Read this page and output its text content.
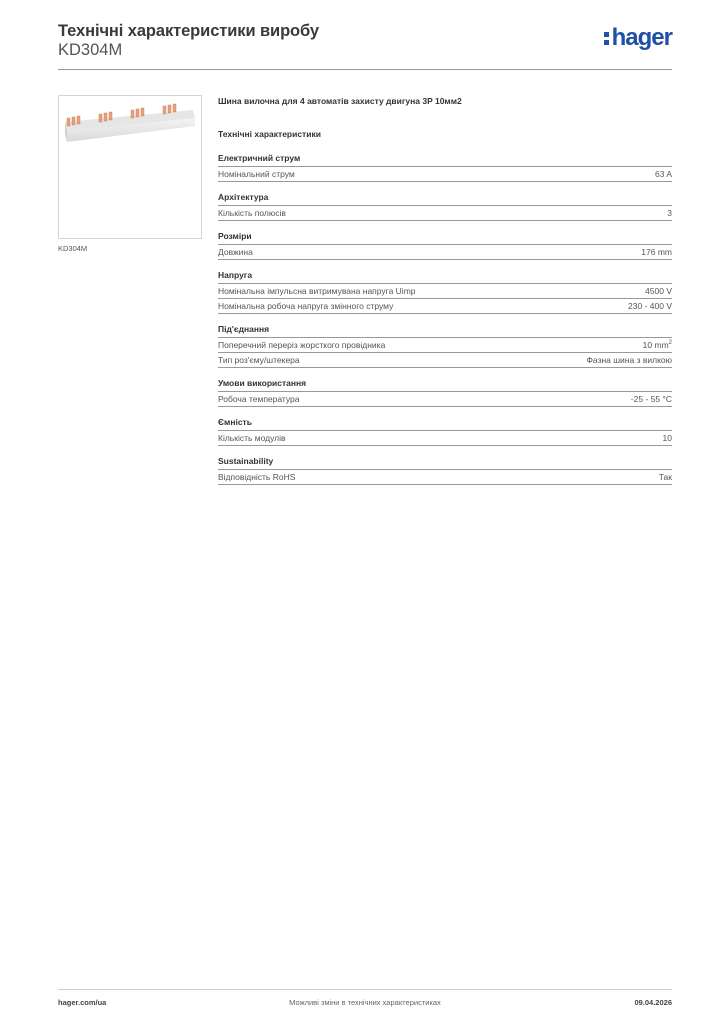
Технічні характеристики виробу
KD304M	hager
KD304M
Шина вилочна для 4 автоматів захисту двигуна 3P 10мм2
Технічні характеристики
Електричний струм
Номінальний струм	63 A
Архітектура
Кількість полюсів	3
Розміри
Довжина	176 mm
Напруга
Номінальна імпульсна витримувана напруга Uimp	4500 V
Номінальна робоча напруга змінного струму	230 - 400 V
Під'єднання
Поперечний переріз жорсткого провідника	10 $mm^2$
Тип роз'єму/штекера	Фазна шина з вилкою
Умови використання
Робоча температура	-25 - 55 °C
Ємність
Кількість модулів	10
Sustainability
Відповідність RoHS	Так
hager.com/ua	Можливі зміни в технічних характеристиках	09.04.2026
